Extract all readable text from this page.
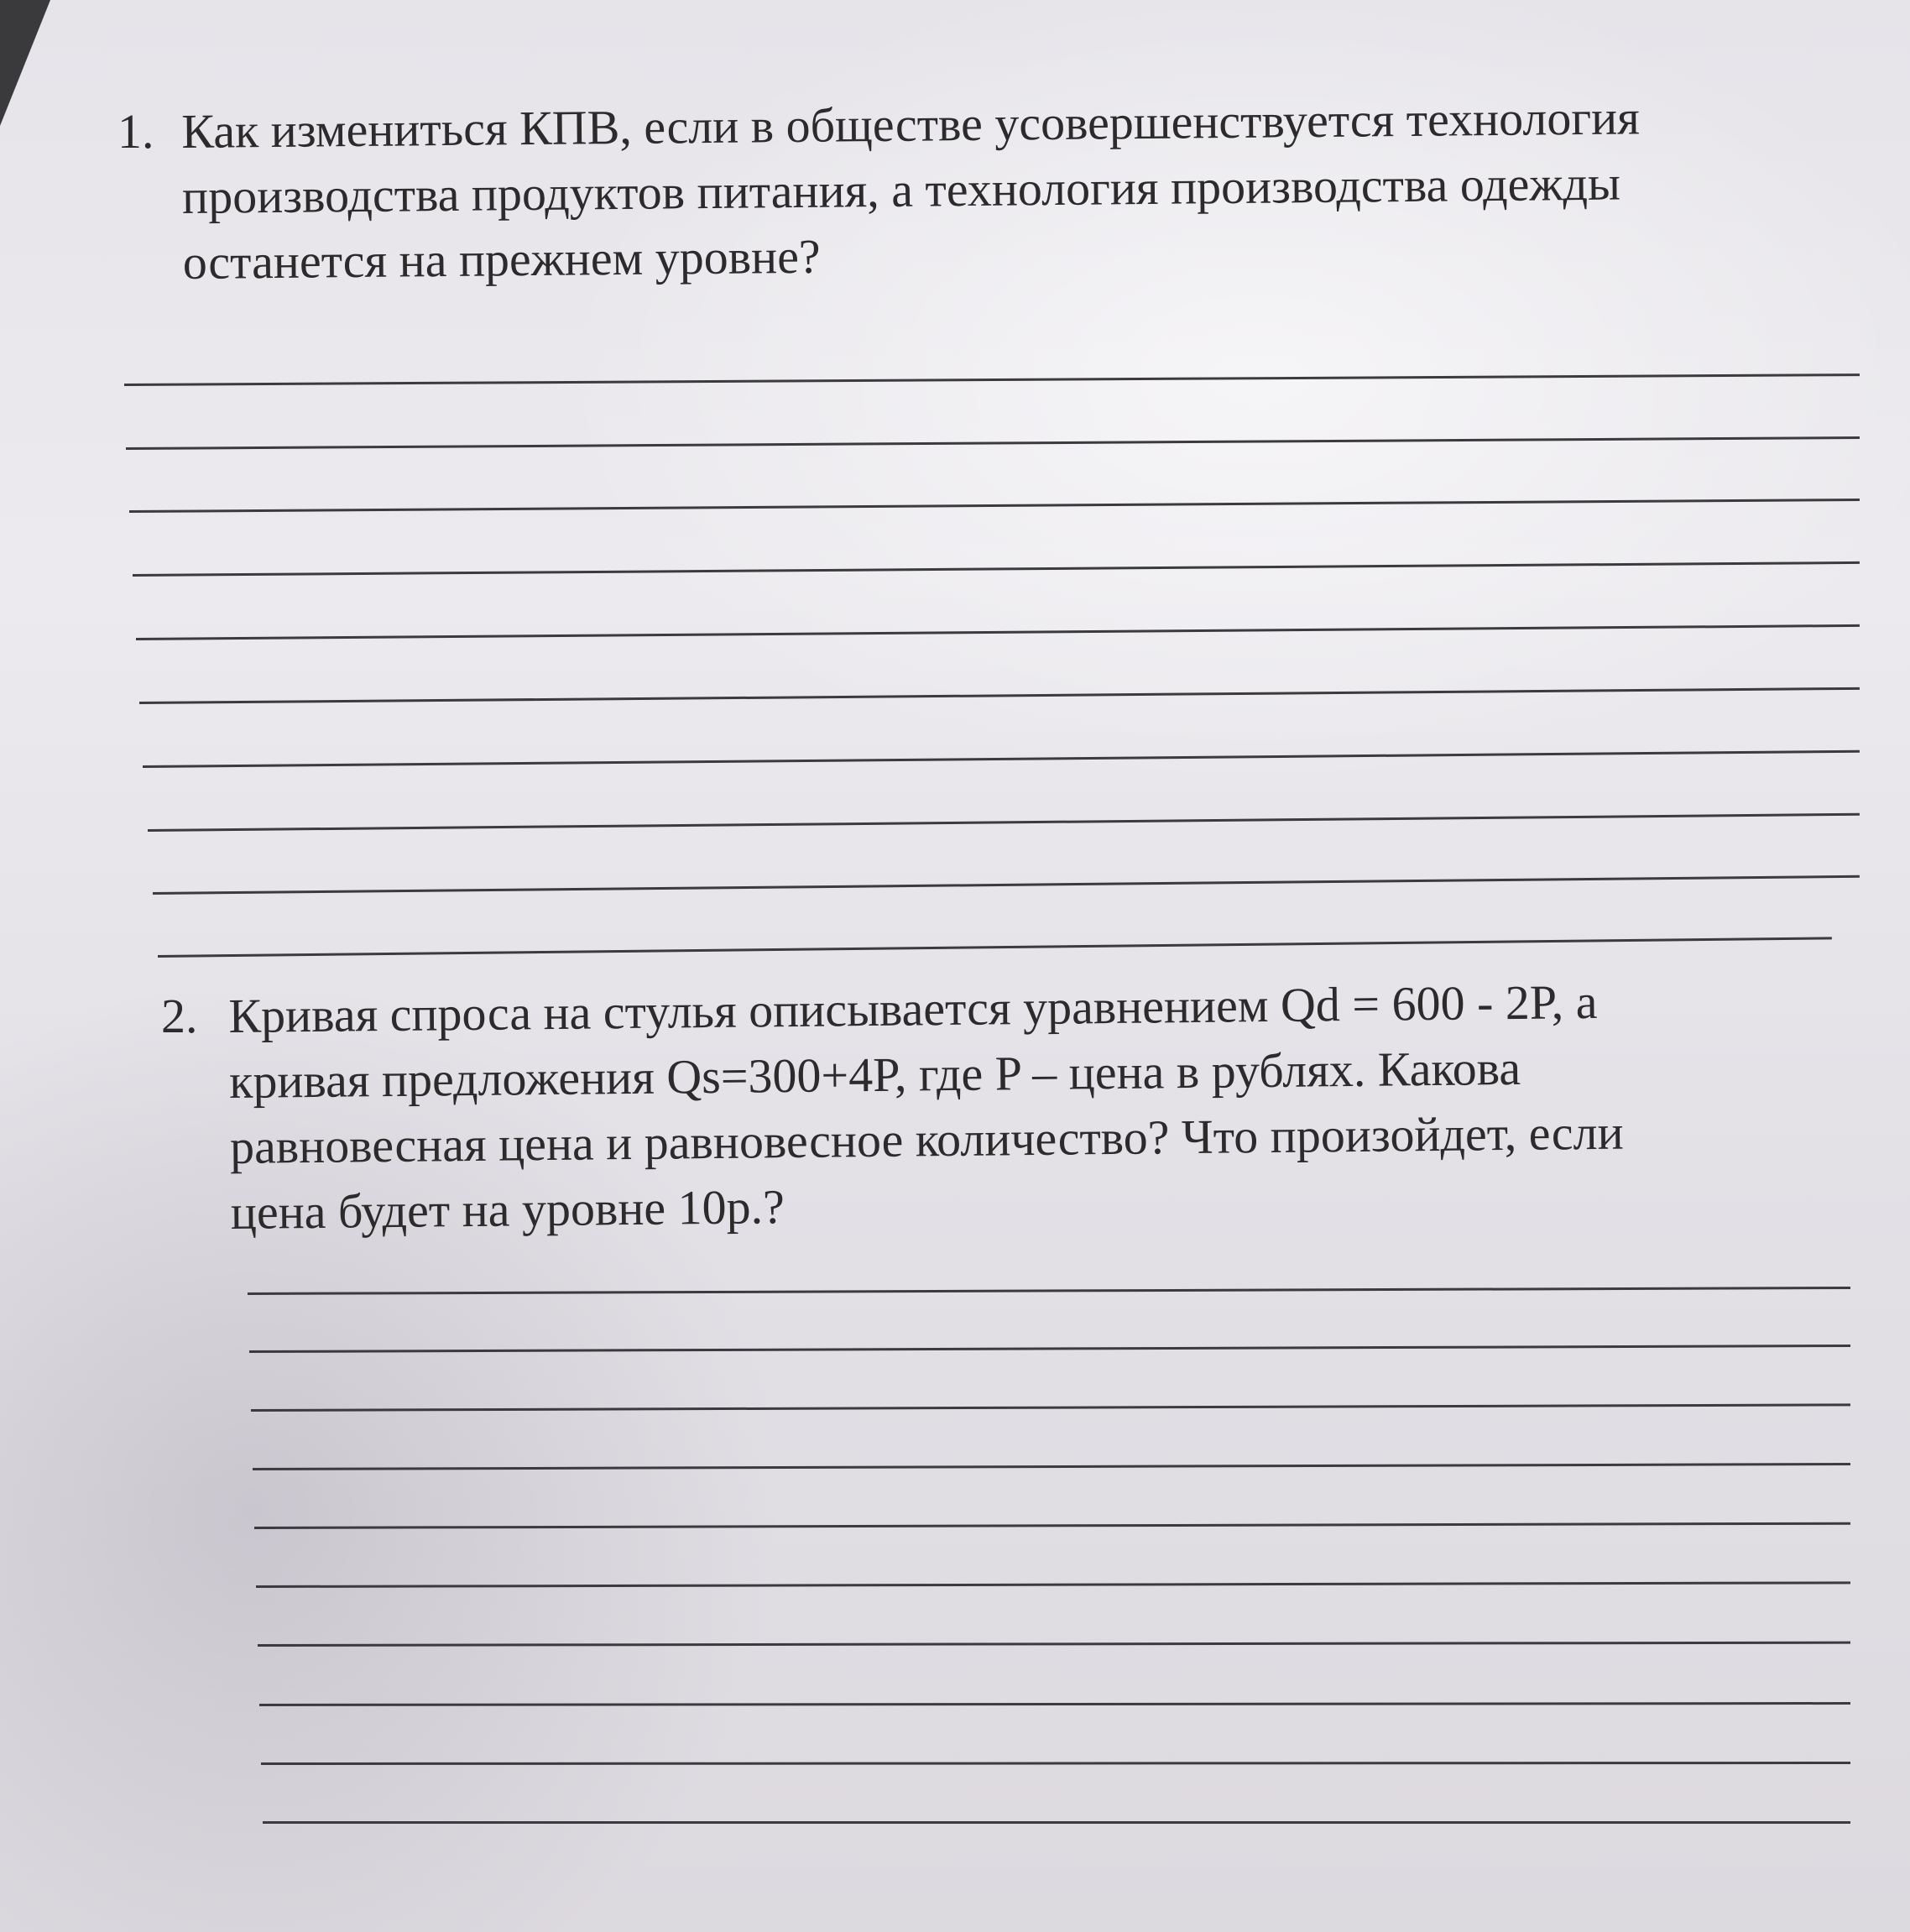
1. Как измениться КПВ, если в обществе усовершенствуется технология
производства продуктов питания, а технология производства одежды
останется на прежнем уровне?
2. Кривая спроса на стулья описывается уравнением Qd = 600 - 2P, а
кривая предложения Qs=300+4P, где P – цена в рублях. Какова
равновесная цена и равновесное количество? Что произойдет, если
цена будет на уровне 10р.?
